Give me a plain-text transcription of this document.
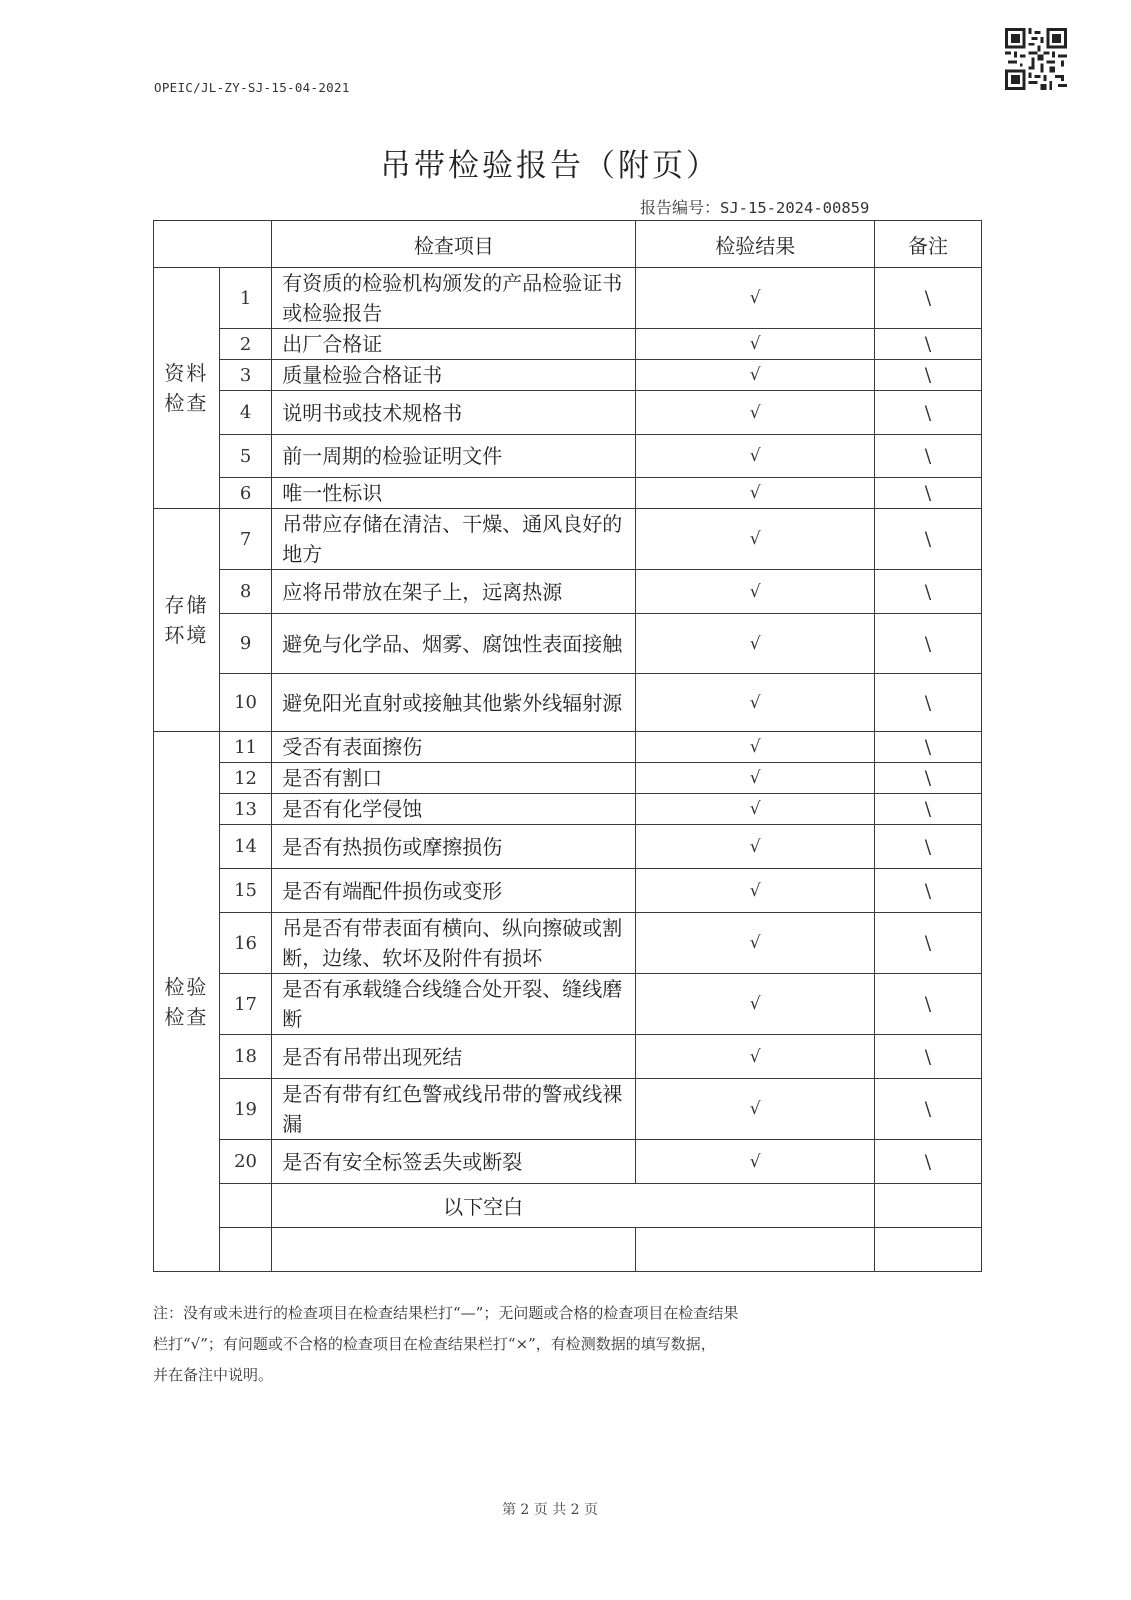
OPEIC/JL-ZY-SJ-15-04-2021
吊带检验报告（附页）
报告编号：SJ-15-2024-00859
		检查项目	检验结果	备注
资料检查	1	有资质的检验机构颁发的产品检验证书或检验报告	√	\
	2	出厂合格证	√	\
	3	质量检验合格证书	√	\
	4	说明书或技术规格书	√	\
	5	前一周期的检验证明文件	√	\
	6	唯一性标识	√	\
存储环境	7	吊带应存储在清洁、干燥、通风良好的地方	√	\
	8	应将吊带放在架子上，远离热源	√	\
	9	避免与化学品、烟雾、腐蚀性表面接触	√	\
	10	避免阳光直射或接触其他紫外线辐射源	√	\
检验检查	11	受否有表面擦伤	√	\
	12	是否有割口	√	\
	13	是否有化学侵蚀	√	\
	14	是否有热损伤或摩擦损伤	√	\
	15	是否有端配件损伤或变形	√	\
	16	吊是否有带表面有横向、纵向擦破或割断，边缘、软坏及附件有损坏	√	\
	17	是否有承载缝合线缝合处开裂、缝线磨断	√	\
	18	是否有吊带出现死结	√	\
	19	是否有带有红色警戒线吊带的警戒线裸漏	√	\
	20	是否有安全标签丢失或断裂	√	\
		以下空白		

注：没有或未进行的检查项目在检查结果栏打“—”；无问题或合格的检查项目在检查结果
栏打“√”；有问题或不合格的检查项目在检查结果栏打“×”，有检测数据的填写数据，
并在备注中说明。
第 2 页 共 2 页
